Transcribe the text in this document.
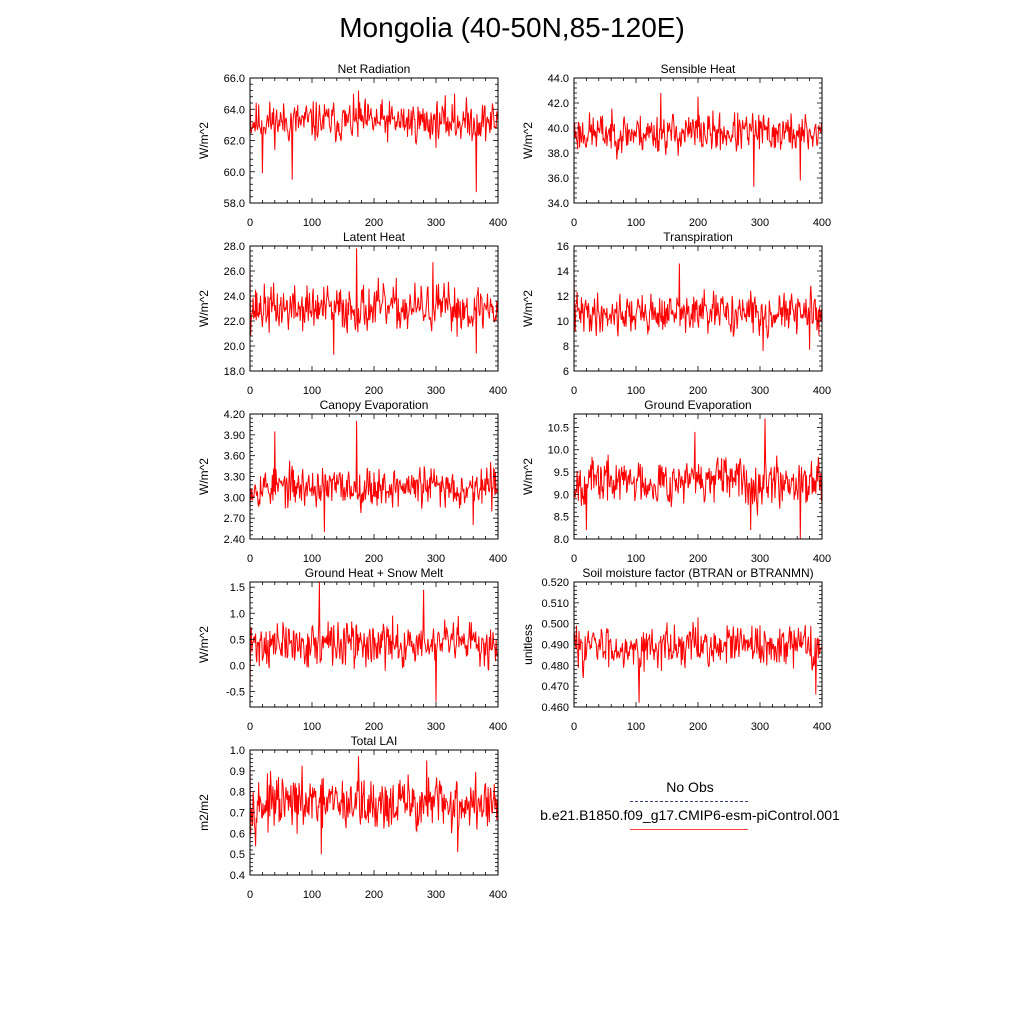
Mongolia (40-50N,85-120E)
0	100	200	300	400
58.0
60.0
62.0
64.0
66.0
Net Radiation
W/m^2
0	100	200	300	400
34.0
36.0
38.0
40.0
42.0
44.0
Sensible Heat
W/m^2
0	100	200	300	400
18.0
20.0
22.0
24.0
26.0
28.0
Latent Heat
W/m^2
0	100	200	300	400
6
8
10
12
14
16
Transpiration
W/m^2
0	100	200	300	400
2.40
2.70
3.00
3.30
3.60
3.90
4.20
Canopy Evaporation
W/m^2
0	100	200	300	400
8.0
8.5
9.0
9.5
10.0
10.5
Ground Evaporation
W/m^2
0	100	200	300	400
-0.5
0.0
0.5
1.0
1.5
Ground Heat + Snow Melt
W/m^2
0	100	200	300	400
0.460
0.470
0.480
0.490
0.500
0.510
0.520
Soil moisture factor (BTRAN or BTRANMN)
unitless
0	100	200	300	400
0.4
0.5
0.6
0.7
0.8
0.9
1.0
Total LAI
m2/m2
No Obs
b.e21.B1850.f09_g17.CMIP6-esm-piControl.001
